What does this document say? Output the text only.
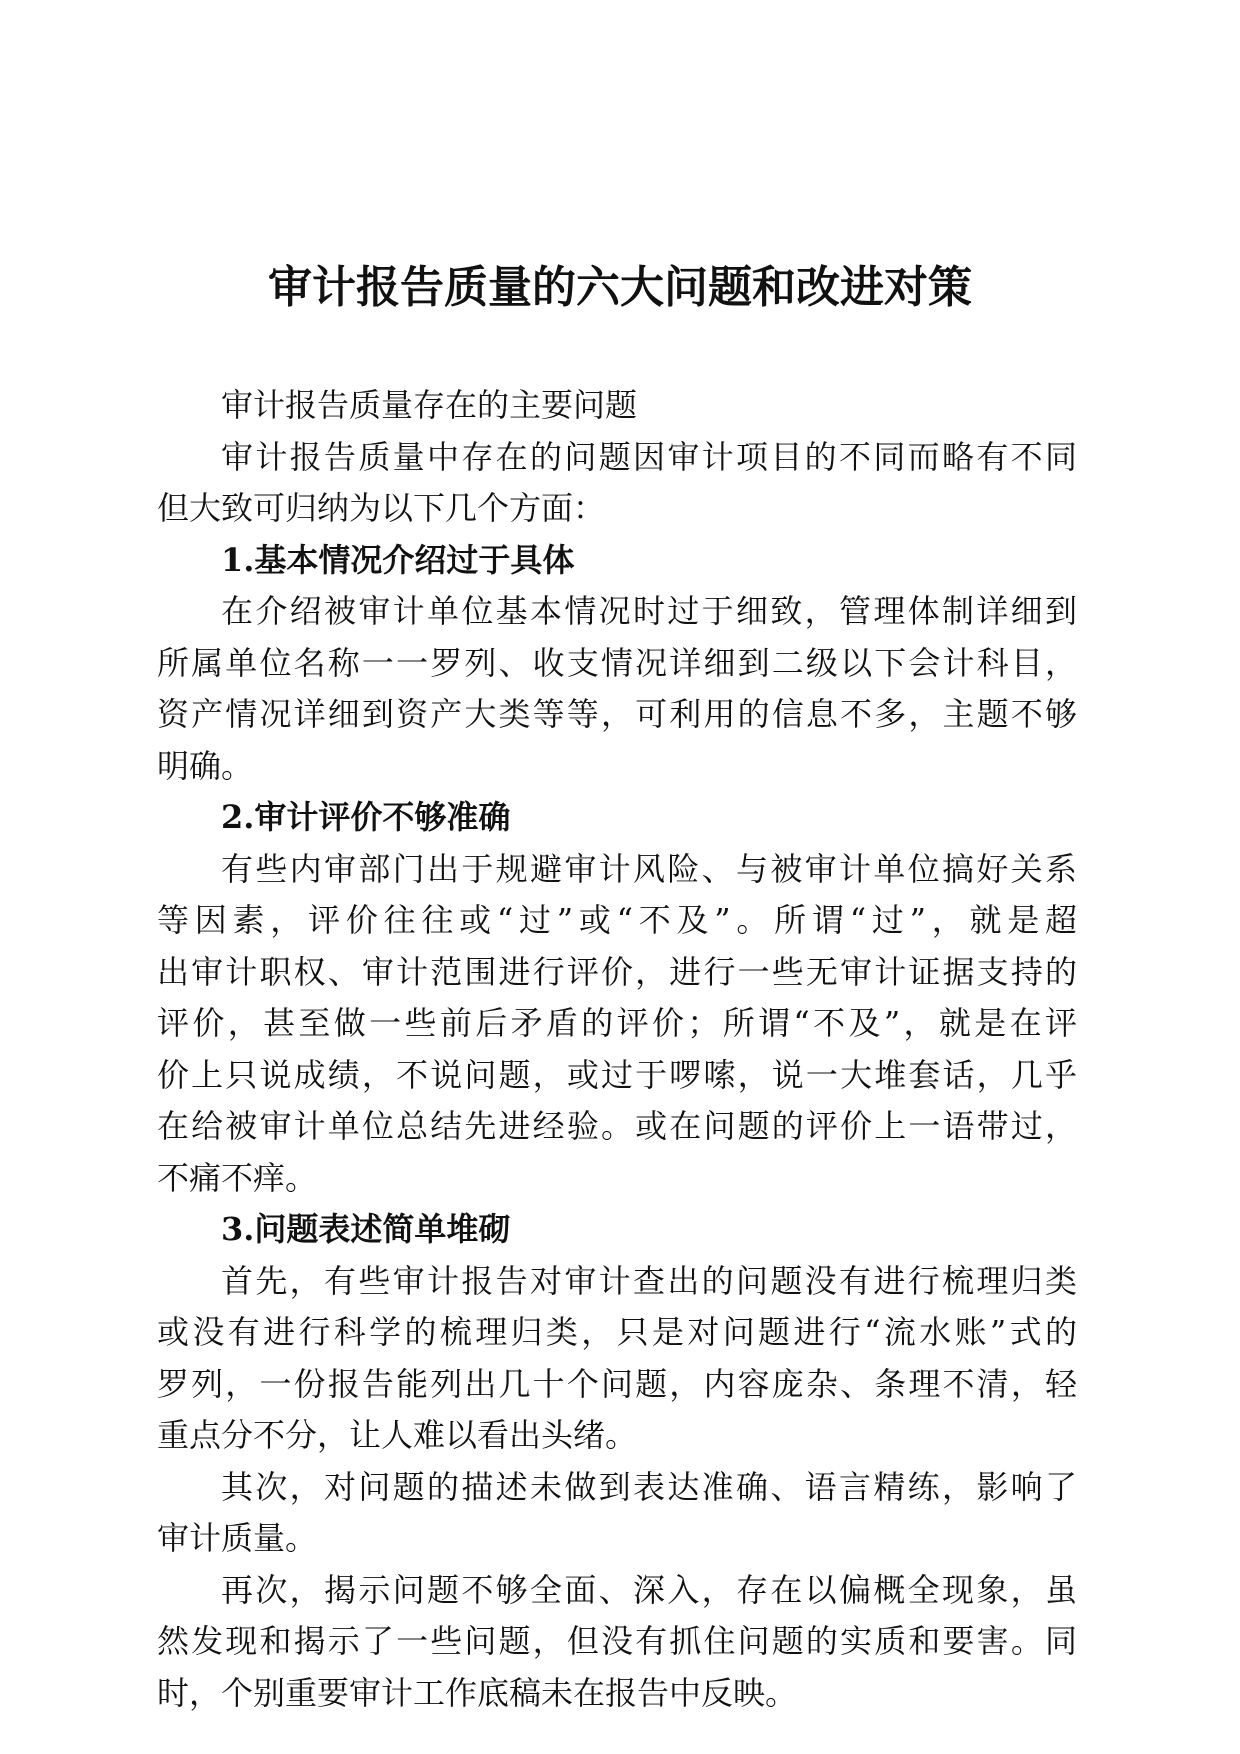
审计报告质量的六大问题和改进对策
审计报告质量存在的主要问题
审计报告质量中存在的问题因审计项目的不同而略有不同
但大致可归纳为以下几个方面：
1.基本情况介绍过于具体
在介绍被审计单位基本情况时过于细致，管理体制详细到
所属单位名称一一罗列、收支情况详细到二级以下会计科目，
资产情况详细到资产大类等等，可利用的信息不多，主题不够
明确。
2.审计评价不够准确
有些内审部门出于规避审计风险、与被审计单位搞好关系
等因素，评价往往或“过”或“不及”。所谓“过”，就是超
出审计职权、审计范围进行评价，进行一些无审计证据支持的
评价，甚至做一些前后矛盾的评价；所谓“不及”，就是在评
价上只说成绩，不说问题，或过于啰嗦，说一大堆套话，几乎
在给被审计单位总结先进经验。或在问题的评价上一语带过，
不痛不痒。
3.问题表述简单堆砌
首先，有些审计报告对审计查出的问题没有进行梳理归类
或没有进行科学的梳理归类，只是对问题进行“流水账”式的
罗列，一份报告能列出几十个问题，内容庞杂、条理不清，轻
重点分不分，让人难以看出头绪。
其次，对问题的描述未做到表达准确、语言精练，影响了
审计质量。
再次，揭示问题不够全面、深入，存在以偏概全现象，虽
然发现和揭示了一些问题，但没有抓住问题的实质和要害。同
时，个别重要审计工作底稿未在报告中反映。
